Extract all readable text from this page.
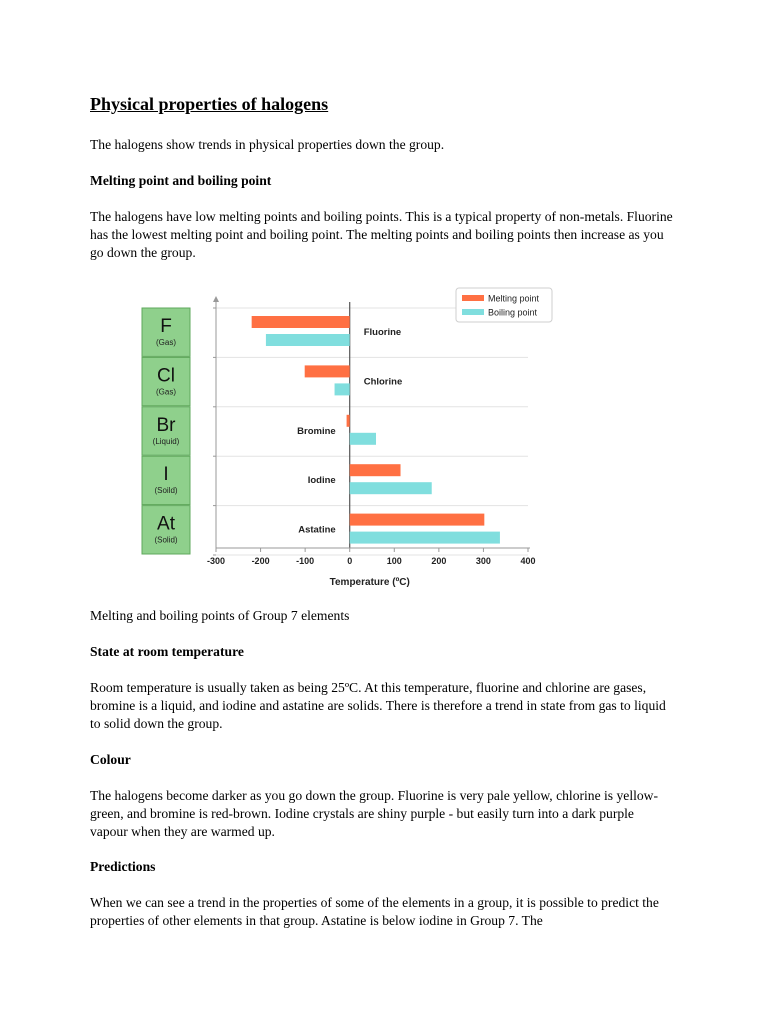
Physical properties of halogens

The halogens show trends in physical properties down the group.

Melting point and boiling point

The halogens have low melting points and boiling points. This is a typical property of non-metals. Fluorine has the lowest melting point and boiling point. The melting points and boiling points then increase as you go down the group.

Melting and boiling points of Group 7 elements

State at room temperature

Room temperature is usually taken as being 25ºC. At this temperature, fluorine and chlorine are gases, bromine is a liquid, and iodine and astatine are solids. There is therefore a trend in state from gas to liquid to solid down the group.

Colour

The halogens become darker as you go down the group. Fluorine is very pale yellow, chlorine is yellow-green, and bromine is red-brown. Iodine crystals are shiny purple - but easily turn into a dark purple vapour when they are warmed up.

Predictions

When we can see a trend in the properties of some of the elements in a group, it is possible to predict the properties of other elements in that group. Astatine is below iodine in Group 7. The

F
(Gas)
Cl
(Gas)
Br
(Liquid)
I
(Soild)
At
(Solid)
-300	-200	-100	0	100	200	300	400
Temperature (ºC)
Fluorine
Chlorine
Bromine
Iodine
Astatine
Melting point
Boiling point
